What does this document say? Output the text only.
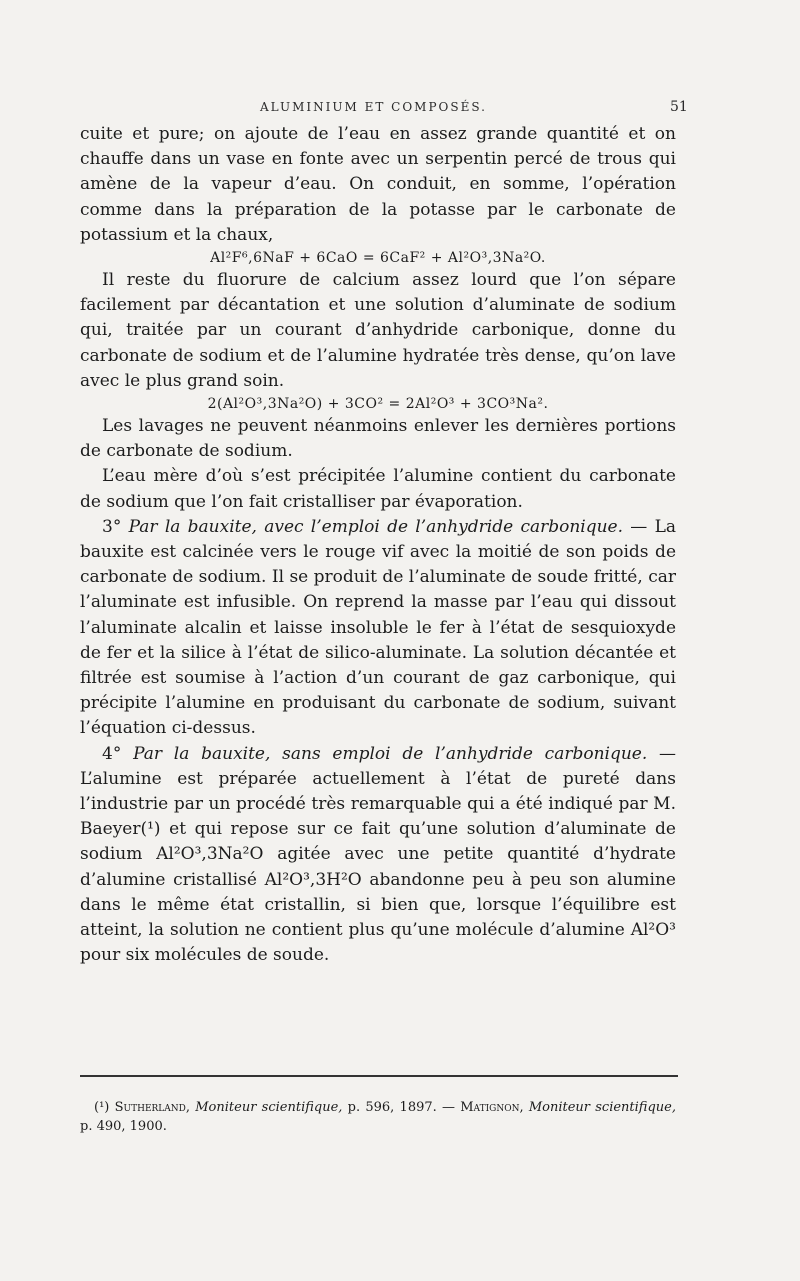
ALUMINIUM ET COMPOSÉS.	51

cuite et pure; on ajoute de l’eau en assez grande quantité et on chauffe dans un vase en fonte avec un serpentin percé de trous qui amène de la vapeur d’eau. On conduit, en somme, l’opération comme dans la préparation de la potasse par le carbonate de potassium et la chaux,

Al²F⁶,6NaF + 6CaO = 6CaF² + Al²O³,3Na²O.

Il reste du fluorure de calcium assez lourd que l’on sépare facilement par décantation et une solution d’aluminate de sodium qui, traitée par un courant d’anhydride carbonique, donne du carbonate de sodium et de l’alumine hydratée très dense, qu’on lave avec le plus grand soin.

2(Al²O³,3Na²O) + 3CO² = 2Al²O³ + 3CO³Na².

Les lavages ne peuvent néanmoins enlever les dernières portions de carbonate de sodium.

L’eau mère d’où s’est précipitée l’alumine contient du carbonate de sodium que l’on fait cristalliser par évaporation.

3° Par la bauxite, avec l’emploi de l’anhydride carbonique. — La bauxite est calcinée vers le rouge vif avec la moitié de son poids de carbonate de sodium. Il se produit de l’aluminate de soude fritté, car l’aluminate est infusible. On reprend la masse par l’eau qui dissout l’aluminate alcalin et laisse insoluble le fer à l’état de sesquioxyde de fer et la silice à l’état de silico-aluminate. La solution décantée et filtrée est soumise à l’action d’un courant de gaz carbonique, qui précipite l’alumine en produisant du carbonate de sodium, suivant l’équation ci-dessus.

4° Par la bauxite, sans emploi de l’anhydride carbonique. — L’alumine est préparée actuellement à l’état de pureté dans l’industrie par un procédé très remarquable qui a été indiqué par M. Baeyer(¹) et qui repose sur ce fait qu’une solution d’aluminate de sodium Al²O³,3Na²O agitée avec une petite quantité d’hydrate d’alumine cristallisé Al²O³,3H²O abandonne peu à peu son alumine dans le même état cristallin, si bien que, lorsque l’équilibre est atteint, la solution ne contient plus qu’une molécule d’alumine Al²O³ pour six molécules de soude.

(¹) Sutherland, Moniteur scientifique, p. 596, 1897. — Matignon, Moniteur scientifique, p. 490, 1900.
